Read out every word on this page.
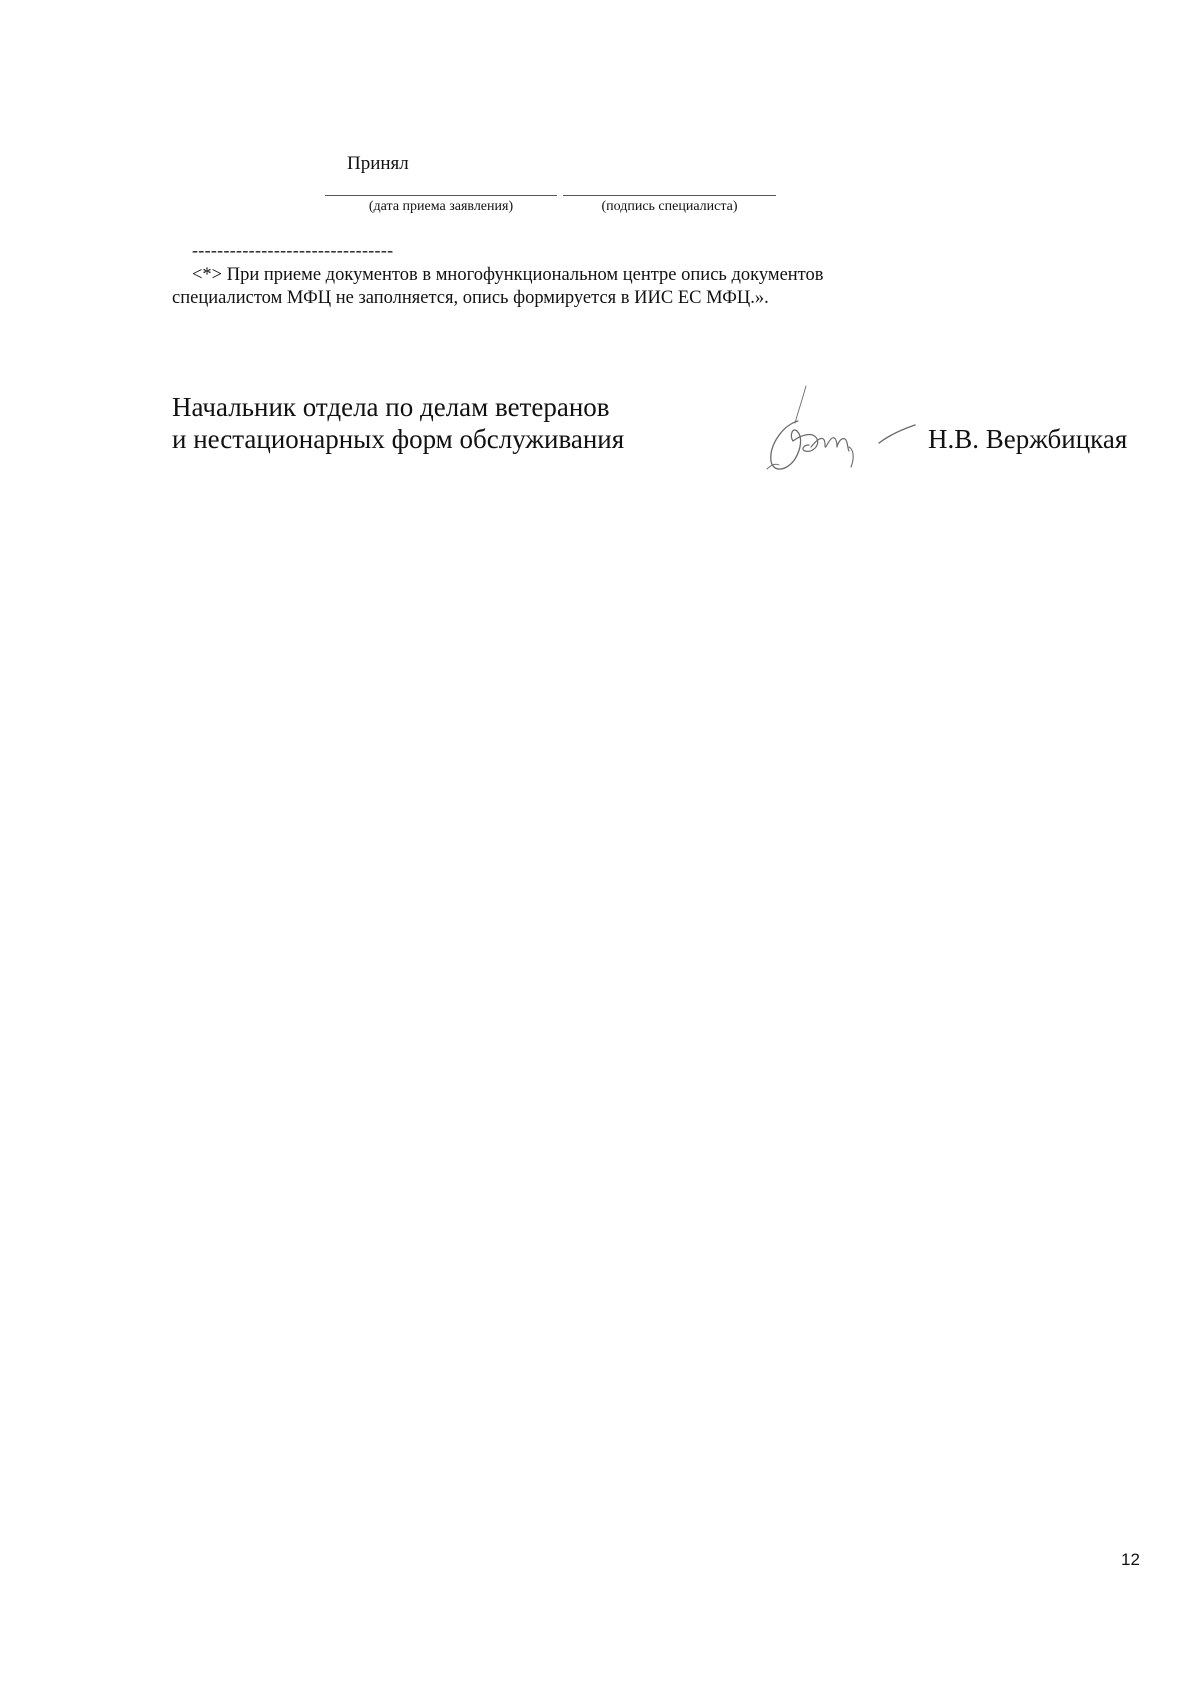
Принял
(дата приема заявления)	(подпись специалиста)
--------------------------------
<*> При приеме документов в многофункциональном центре опись документов
специалистом МФЦ не заполняется, опись формируется в ИИС ЕС МФЦ.».
Начальник отдела по делам ветеранов
и нестационарных форм обслуживания	Н.В. Вержбицкая
12
